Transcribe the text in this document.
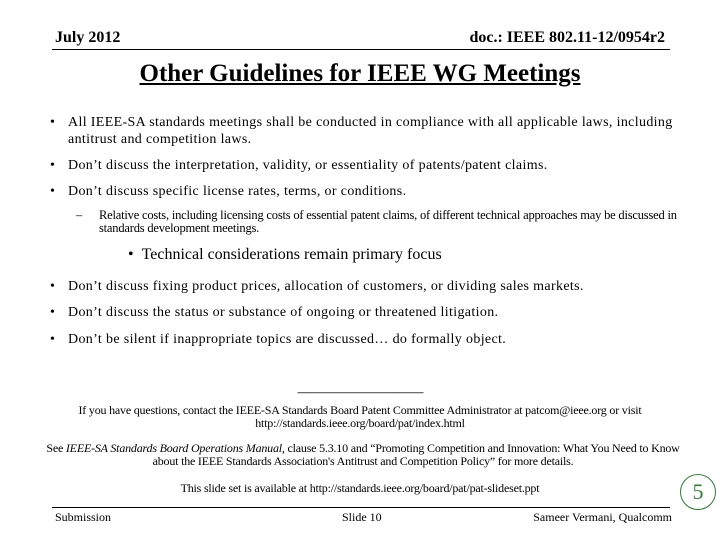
July 2012	doc.: IEEE 802.11-12/0954r2
Other Guidelines for IEEE WG Meetings
• All IEEE-SA standards meetings shall be conducted in compliance with all applicable laws, including antitrust and competition laws.
• Don’t discuss the interpretation, validity, or essentiality of patents/patent claims.
• Don’t discuss specific license rates, terms, or conditions.
– Relative costs, including licensing costs of essential patent claims, of different technical approaches may be discussed in standards development meetings.
• Technical considerations remain primary focus
• Don’t discuss fixing product prices, allocation of customers, or dividing sales markets.
• Don’t discuss the status or substance of ongoing or threatened litigation.
• Don’t be silent if inappropriate topics are discussed… do formally object.
---------------------------------------------------------------
If you have questions, contact the IEEE-SA Standards Board Patent Committee Administrator at patcom@ieee.org or visit http://standards.ieee.org/board/pat/index.html
See IEEE-SA Standards Board Operations Manual, clause 5.3.10 and “Promoting Competition and Innovation: What You Need to Know about the IEEE Standards Association's Antitrust and Competition Policy” for more details.
This slide set is available at http://standards.ieee.org/board/pat/pat-slideset.ppt	5
Submission	Slide 10	Sameer Vermani, Qualcomm
